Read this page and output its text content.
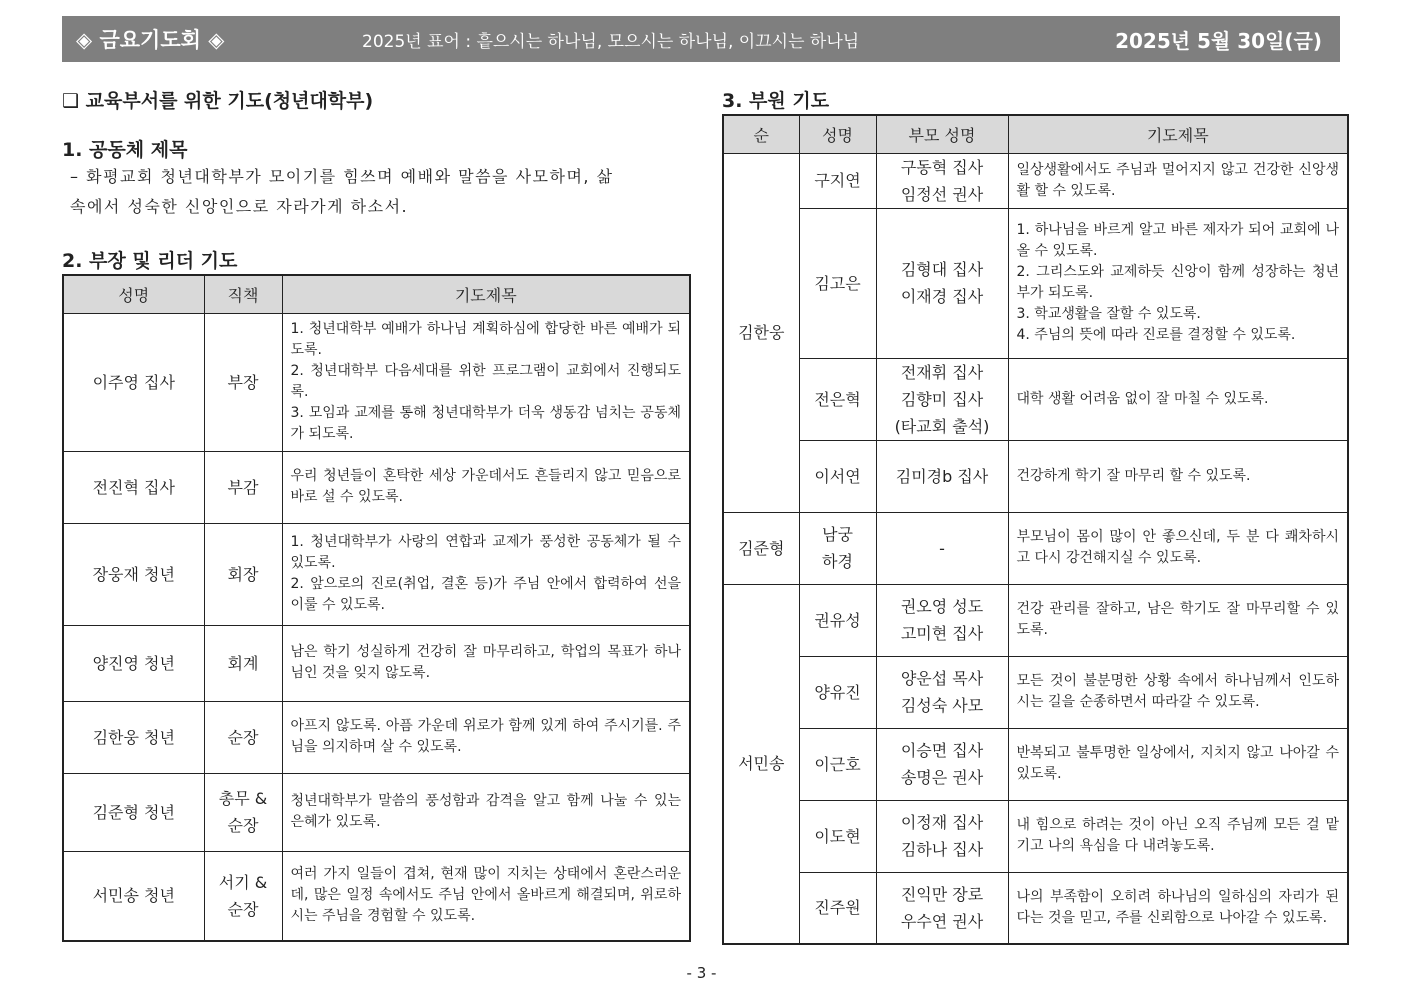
◈ 금요기도회 ◈	2025년 표어 : 흩으시는 하나님, 모으시는 하나님, 이끄시는 하나님	2025년 5월 30일(금)
❑ 교육부서를 위한 기도(청년대학부)
1. 공동체 제목
– 화평교회 청년대학부가 모이기를 힘쓰며 예배와 말씀을 사모하며, 삶
속에서 성숙한 신앙인으로 자라가게 하소서.
2. 부장 및 리더 기도
성명	직책	기도제목
이주영 집사	부장	1. 청년대학부 예배가 하나님 계획하심에 합당한 바른 예배가 되도록.
2. 청년대학부 다음세대를 위한 프로그램이 교회에서 진행되도록.
3. 모임과 교제를 통해 청년대학부가 더욱 생동감 넘치는 공동체가 되도록.
전진혁 집사	부감	우리 청년들이 혼탁한 세상 가운데서도 흔들리지 않고 믿음으로 바로 설 수 있도록.
장웅재 청년	회장	1. 청년대학부가 사랑의 연합과 교제가 풍성한 공동체가 될 수 있도록.
2. 앞으로의 진로(취업, 결혼 등)가 주님 안에서 합력하여 선을 이룰 수 있도록.
양진영 청년	회계	남은 학기 성실하게 건강히 잘 마무리하고, 학업의 목표가 하나님인 것을 잊지 않도록.
김한웅 청년	순장	아프지 않도록. 아픔 가운데 위로가 함께 있게 하여 주시기를. 주님을 의지하며 살 수 있도록.
김준형 청년	총무 &
순장	청년대학부가 말씀의 풍성함과 감격을 알고 함께 나눌 수 있는 은혜가 있도록.
서민송 청년	서기 &
순장	여러 가지 일들이 겹쳐, 현재 많이 지치는 상태에서 혼란스러운데, 많은 일정 속에서도 주님 안에서 올바르게 해결되며, 위로하시는 주님을 경험할 수 있도록.
3. 부원 기도
순	성명	부모 성명	기도제목
김한웅	구지연	구동혁 집사
임정선 권사	일상생활에서도 주님과 멀어지지 않고 건강한 신앙생활 할 수 있도록.
	김고은	김형대 집사
이재경 집사	1. 하나님을 바르게 알고 바른 제자가 되어 교회에 나올 수 있도록.
2. 그리스도와 교제하듯 신앙이 함께 성장하는 청년부가 되도록.
3. 학교생활을 잘할 수 있도록.
4. 주님의 뜻에 따라 진로를 결정할 수 있도록.
	전은혁	전재휘 집사
김향미 집사
(타교회 출석)	대학 생활 어려움 없이 잘 마칠 수 있도록.
	이서연	김미경b 집사	건강하게 학기 잘 마무리 할 수 있도록.
김준형	남궁
하경	-	부모님이 몸이 많이 안 좋으신데, 두 분 다 쾌차하시고 다시 강건해지실 수 있도록.
서민송	권유성	권오영 성도
고미현 집사	건강 관리를 잘하고, 남은 학기도 잘 마무리할 수 있도록.
	양유진	양운섭 목사
김성숙 사모	모든 것이 불분명한 상황 속에서 하나님께서 인도하시는 길을 순종하면서 따라갈 수 있도록.
	이근호	이승면 집사
송명은 권사	반복되고 불투명한 일상에서, 지치지 않고 나아갈 수 있도록.
	이도현	이정재 집사
김하나 집사	내 힘으로 하려는 것이 아닌 오직 주님께 모든 걸 맡기고 나의 욕심을 다 내려놓도록.
	진주원	진익만 장로
우수연 권사	나의 부족함이 오히려 하나님의 일하심의 자리가 된다는 것을 믿고, 주를 신뢰함으로 나아갈 수 있도록.
- 3 -
